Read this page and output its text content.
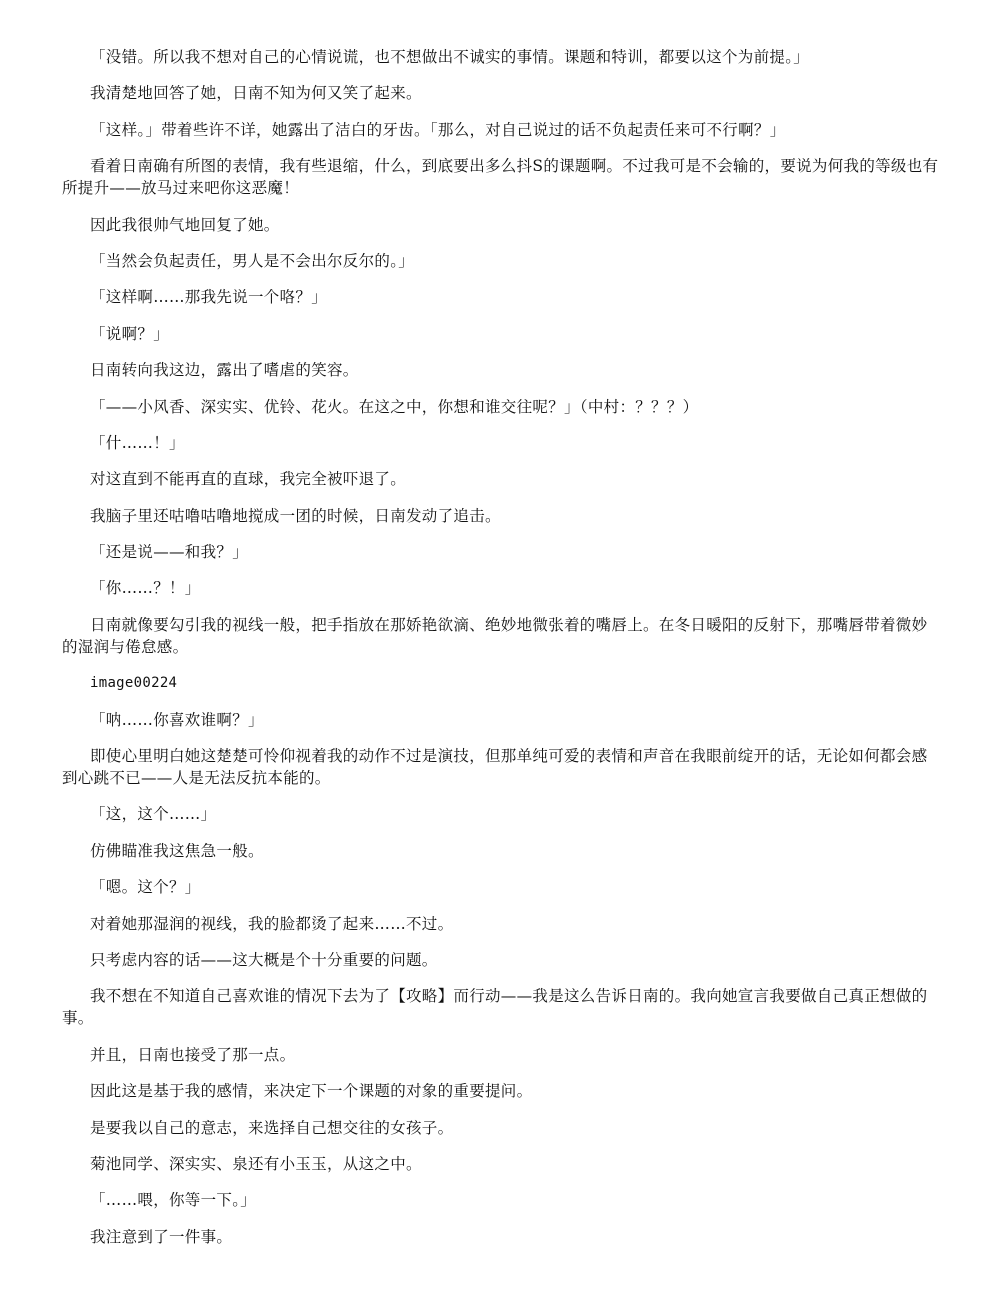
「没错。所以我不想对自己的心情说谎，也不想做出不诚实的事情。课题和特训，都要以这个为前提。」

我清楚地回答了她，日南不知为何又笑了起来。

「这样。」带着些许不详，她露出了洁白的牙齿。「那么，对自己说过的话不负起责任来可不行啊？」

看着日南确有所图的表情，我有些退缩，什么，到底要出多么抖S的课题啊。不过我可是不会输的，要说为何我的等级也有所提升——放马过来吧你这恶魔！

因此我很帅气地回复了她。

「当然会负起责任，男人是不会出尔反尔的。」

「这样啊……那我先说一个咯？」

「说啊？」

日南转向我这边，露出了嗜虐的笑容。

「——小风香、深实实、优铃、花火。在这之中，你想和谁交往呢？」（中村：？？？）

「什……！」

对这直到不能再直的直球，我完全被吓退了。

我脑子里还咕噜咕噜地搅成一团的时候，日南发动了追击。

「还是说——和我？」

「你……？！」

日南就像要勾引我的视线一般，把手指放在那娇艳欲滴、绝妙地微张着的嘴唇上。在冬日暖阳的反射下，那嘴唇带着微妙的湿润与倦怠感。

image00224

「呐……你喜欢谁啊？」

即使心里明白她这楚楚可怜仰视着我的动作不过是演技，但那单纯可爱的表情和声音在我眼前绽开的话，无论如何都会感到心跳不已——人是无法反抗本能的。

「这，这个……」

仿佛瞄准我这焦急一般。

「嗯。这个？」

对着她那湿润的视线，我的脸都烫了起来……不过。

只考虑内容的话——这大概是个十分重要的问题。

我不想在不知道自己喜欢谁的情况下去为了【攻略】而行动——我是这么告诉日南的。我向她宣言我要做自己真正想做的事。

并且，日南也接受了那一点。

因此这是基于我的感情，来决定下一个课题的对象的重要提问。

是要我以自己的意志，来选择自己想交往的女孩子。

菊池同学、深实实、泉还有小玉玉，从这之中。

「……喂，你等一下。」

我注意到了一件事。
